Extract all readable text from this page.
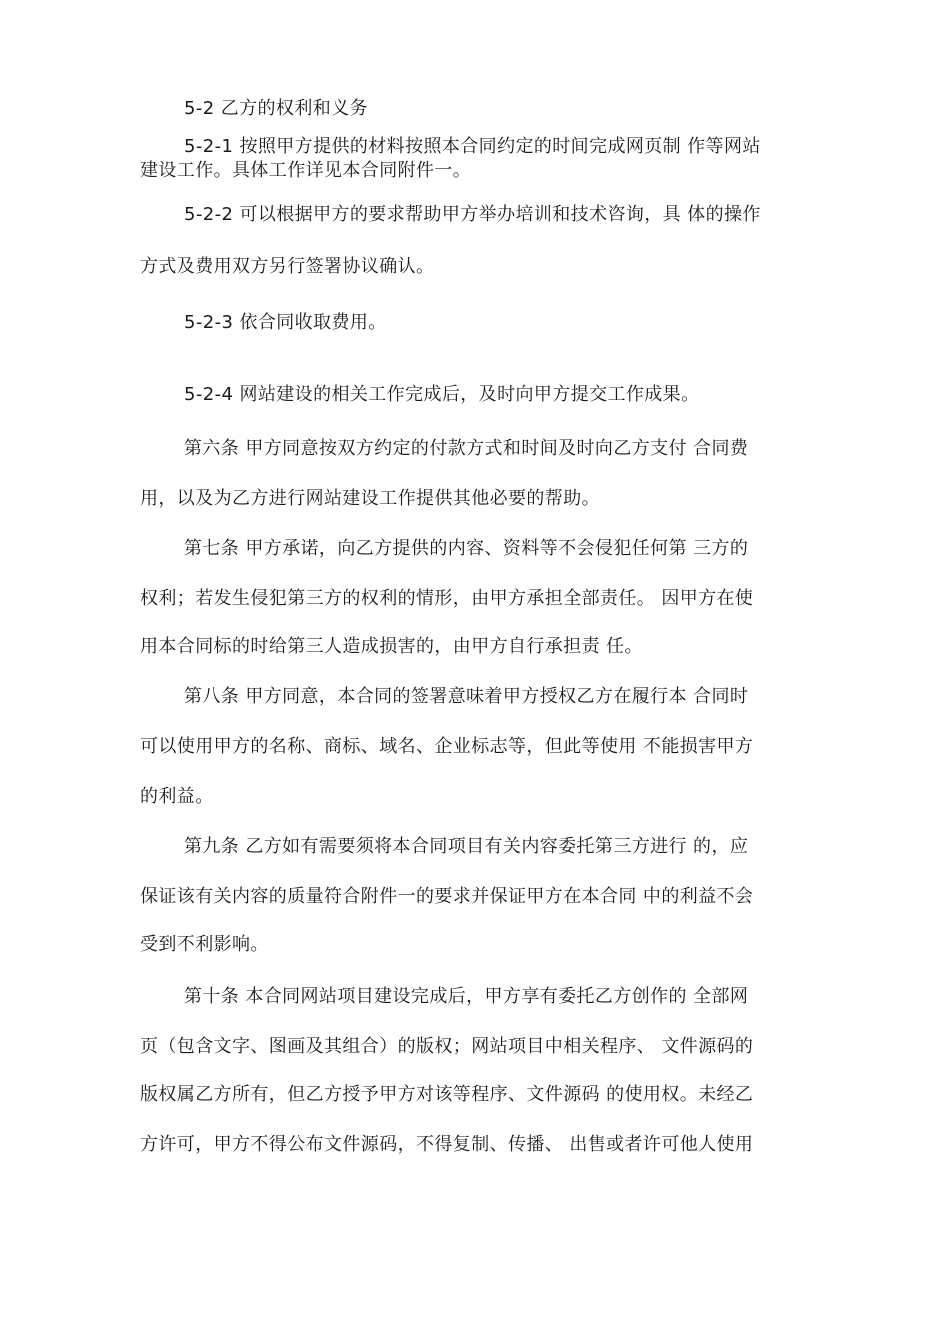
5-2 乙方的权利和义务
5-2-1 按照甲方提供的材料按照本合同约定的时间完成网页制 作等网站
建设工作。具体工作详见本合同附件一。
5-2-2 可以根据甲方的要求帮助甲方举办培训和技术咨询，具 体的操作
方式及费用双方另行签署协议确认。
5-2-3 依合同收取费用。
5-2-4 网站建设的相关工作完成后，及时向甲方提交工作成果。
第六条 甲方同意按双方约定的付款方式和时间及时向乙方支付 合同费
用，以及为乙方进行网站建设工作提供其他必要的帮助。
第七条 甲方承诺，向乙方提供的内容、资料等不会侵犯任何第 三方的
权利；若发生侵犯第三方的权利的情形，由甲方承担全部责任。 因甲方在使
用本合同标的时给第三人造成损害的，由甲方自行承担责 任。
第八条 甲方同意，本合同的签署意味着甲方授权乙方在履行本 合同时
可以使用甲方的名称、商标、域名、企业标志等，但此等使用 不能损害甲方
的利益。
第九条 乙方如有需要须将本合同项目有关内容委托第三方进行 的，应
保证该有关内容的质量符合附件一的要求并保证甲方在本合同 中的利益不会
受到不利影响。
第十条 本合同网站项目建设完成后，甲方享有委托乙方创作的 全部网
页（包含文字、图画及其组合）的版权；网站项目中相关程序、 文件源码的
版权属乙方所有，但乙方授予甲方对该等程序、文件源码 的使用权。未经乙
方许可，甲方不得公布文件源码，不得复制、传播、 出售或者许可他人使用
